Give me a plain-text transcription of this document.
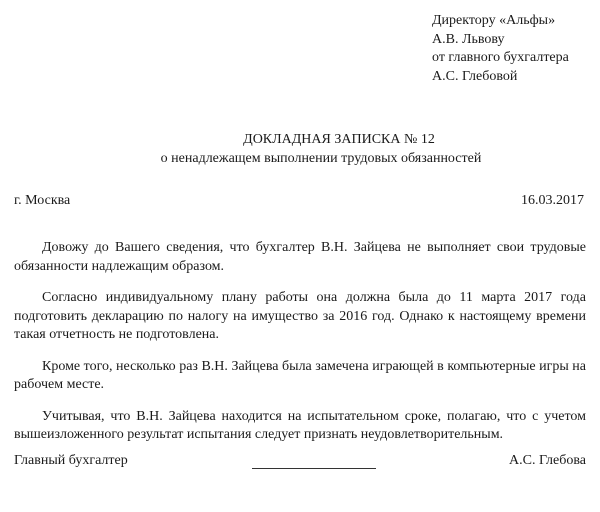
Директору «Альфы»
А.В. Львову
от главного бухгалтера
А.С. Глебовой
ДОКЛАДНАЯ ЗАПИСКА № 12
о ненадлежащем выполнении трудовых обязанностей
г. Москва	16.03.2017

Довожу до Вашего сведения, что бухгалтер В.Н. Зайцева не выполняет свои трудовые обязанности надлежащим образом.

Согласно индивидуальному плану работы она должна была до 11 марта 2017 года подготовить декларацию по налогу на имущество за 2016 год. Однако к настоящему времени такая отчетность не подготовлена.

Кроме того, несколько раз В.Н. Зайцева была замечена играющей в компьютерные игры на рабочем месте.

Учитывая, что В.Н. Зайцева находится на испытательном сроке, полагаю, что с учетом вышеизложенного результат испытания следует признать неудовлетворительным.

Главный бухгалтер	А.С. Глебова
